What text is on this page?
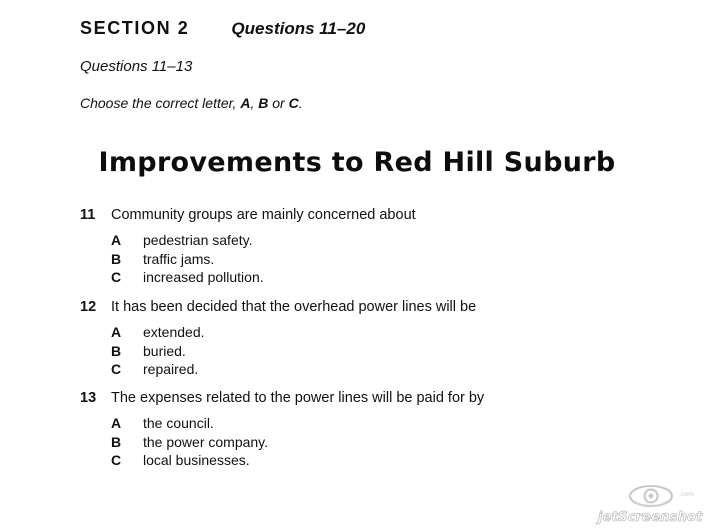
SECTION 2 Questions 11–20
Questions 11–13
Choose the correct letter, A, B or C.
Improvements to Red Hill Suburb
11	Community groups are mainly concerned about
A	pedestrian safety.
B	traffic jams.
C	increased pollution.
12	It has been decided that the overhead power lines will be
A	extended.
B	buried.
C	repaired.
13	The expenses related to the power lines will be paid for by
A	the council.
B	the power company.
C	local businesses.
.com
jetScreenshot
